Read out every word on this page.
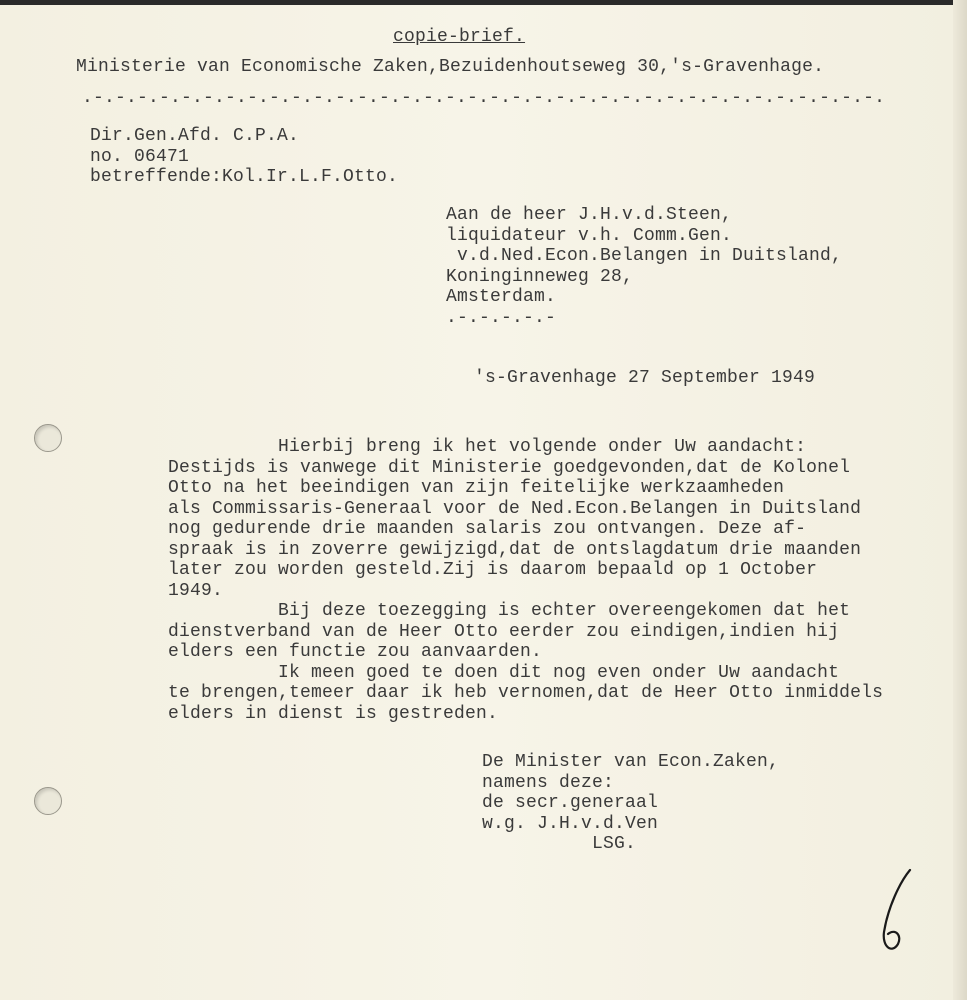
copie-brief.
Ministerie van Economische Zaken,Bezuidenhoutseweg 30,'s-Gravenhage.
.-.-.-.-.-.-.-.-.-.-.-.-.-.-.-.-.-.-.-.-.-.-.-.-.-.-.-.-.-.-.-.-.-.-.-.-.
Dir.Gen.Afd. C.P.A.
no. 06471
betreffende:Kol.Ir.L.F.Otto.
Aan de heer J.H.v.d.Steen,
liquidateur v.h. Comm.Gen.
v.d.Ned.Econ.Belangen in Duitsland,
Koninginneweg 28,
Amsterdam.
.-.-.-.-.-
's-Gravenhage 27 September 1949
Hierbij breng ik het volgende onder Uw aandacht:
Destijds is vanwege dit Ministerie goedgevonden,dat de Kolonel
Otto na het beeindigen van zijn feitelijke werkzaamheden
als Commissaris-Generaal voor de Ned.Econ.Belangen in Duitsland
nog gedurende drie maanden salaris zou ontvangen. Deze af-
spraak is in zoverre gewijzigd,dat de ontslagdatum drie maanden
later zou worden gesteld.Zij is daarom bepaald op 1 October
1949.
Bij deze toezegging is echter overeengekomen dat het
dienstverband van de Heer Otto eerder zou eindigen,indien hij
elders een functie zou aanvaarden.
Ik meen goed te doen dit nog even onder Uw aandacht
te brengen,temeer daar ik heb vernomen,dat de Heer Otto inmiddels
elders in dienst is gestreden.
De Minister van Econ.Zaken,
namens deze:
de secr.generaal
w.g. J.H.v.d.Ven
LSG.
